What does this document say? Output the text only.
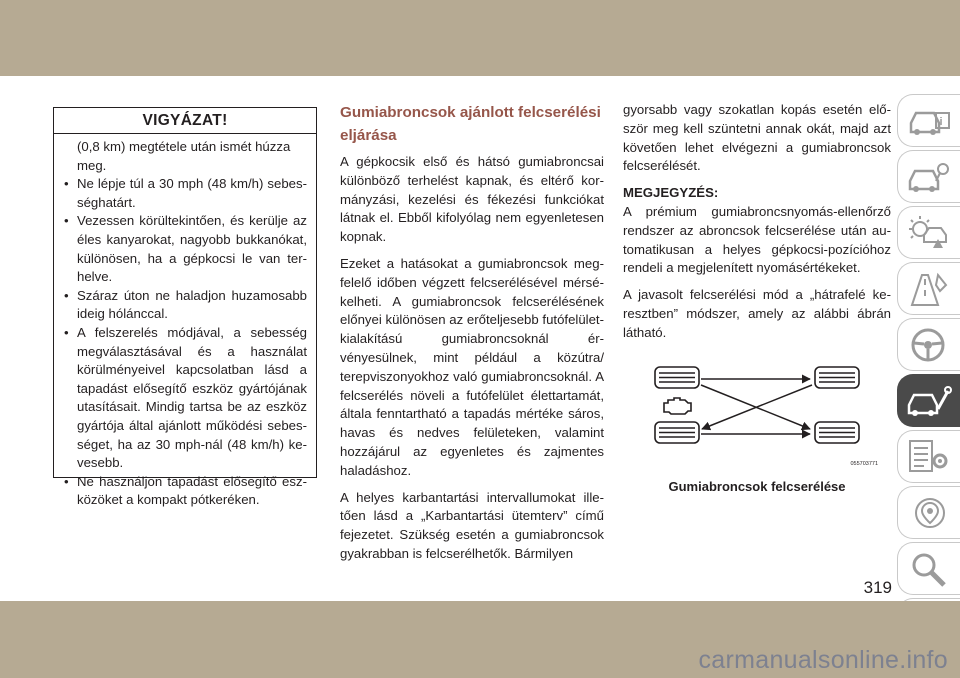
VIGYÁZAT!

(0,8 km) megtétele után ismét húzza meg.

• Ne lépje túl a 30 mph (48 km/h) sebességhatárt.
• Vezessen körültekintően, és kerülje az éles kanyarokat, nagyobb bukkanókat, különösen, ha a gépkocsi le van terhelve.
• Száraz úton ne haladjon huzamosabb ideig hólánccal.
• A felszerelés módjával, a sebesség megválasztásával és a használat körülményeivel kapcsolatban lásd a tapadást elősegítő eszköz gyártójának utasításait. Mindig tartsa be az eszköz gyártója által ajánlott működési sebességet, ha az 30 mph-nál (48 km/h) kevesebb.
• Ne használjon tapadást elősegítő eszközöket a kompakt pótkeréken.
Gumiabroncsok ajánlott felcserélési eljárása

A gépkocsik első és hátsó gumiabroncsai különböző terhelést kapnak, és eltérő kormányzási, kezelési és fékezési funkciókat látnak el. Ebből kifolyólag nem egyenletesen kopnak.

Ezeket a hatásokat a gumiabroncsok megfelelő időben végzett felcserélésével mérsékelheti. A gumiabroncsok felcserélésének előnyei különösen az erőteljesebb futófelület-kialakítású gumiabroncsoknál érvényesülnek, mint például a közútra/ terepviszonyokhoz való gumiabroncsoknál. A felcserélés növeli a futófelület élettartamát, általa fenntartható a tapadás mértéke sáros, havas és nedves felületeken, valamint hozzájárul az egyenletes és zajmentes haladáshoz.

A helyes karbantartási intervallumokat illetően lásd a „Karbantartási ütemterv” című fejezetet. Szükség esetén a gumiabroncsok gyakrabban is felcserélhetők. Bármilyen

gyorsabb vagy szokatlan kopás esetén először meg kell szüntetni annak okát, majd azt követően lehet elvégezni a gumiabroncsok felcserélését.

MEGJEGYZÉS:

A prémium gumiabroncsnyomás-ellenőrző rendszer az abroncsok felcserélése után automatikusan a helyes gépkocsi-pozícióhoz rendeli a megjelenített nyomásértékeket.

A javasolt felcserélési mód a „hátrafelé keresztben” módszer, amely az alábbi ábrán látható.

055703771
Gumiabroncsok felcserélése
i
319
carmanualsonline.info
